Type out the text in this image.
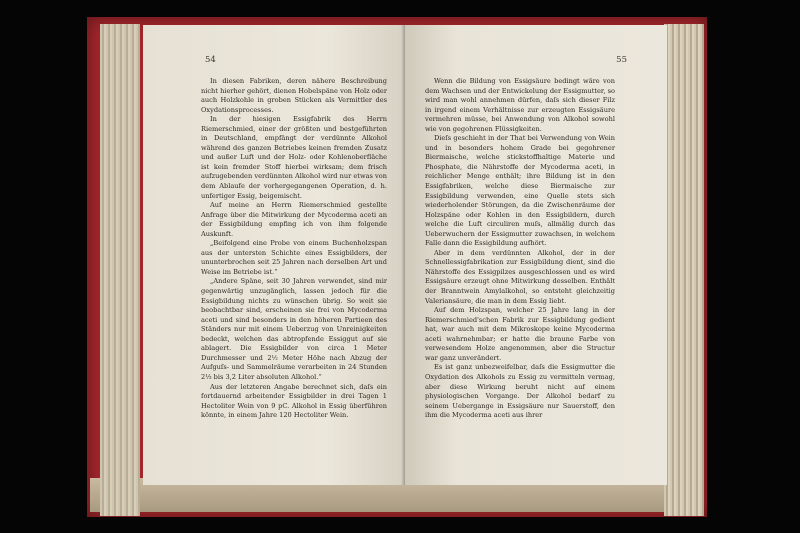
54

In diesen Fabriken, deren nähere Beschreibung nicht hierher gehört, dienen Hobelspäne von Holz oder auch Holzkohle in groben Stücken als Vermittler des Oxydationsprocesses.

In der hiesigen Essigfabrik des Herrn Riemerschmied, einer der größten und bestgeführten in Deutschland, empfängt der verdünnte Alkohol während des ganzen Betriebes keinen fremden Zusatz und außer Luft und der Holz- oder Kohlenoberfläche ist kein fremder Stoff hierbei wirksam; dem frisch aufzugebenden verdünnten Alkohol wird nur etwas von dem Ablaufe der vorhergegangenen Operation, d. h. unfertiger Essig, beigemischt.

Auf meine an Herrn Riemerschmied gestellte Anfrage über die Mitwirkung der Mycoderma aceti an der Essigbildung empfing ich von ihm folgende Auskunft.

„Beifolgend eine Probe von einem Buchenholzspan aus der untersten Schichte eines Essigbilders, der ununterbrochen seit 25 Jahren nach derselben Art und Weise im Betriebe ist.“

„Andere Späne, seit 30 Jahren verwendet, sind mir gegenwärtig unzugänglich, lassen jedoch für die Essigbildung nichts zu wünschen übrig. So weit sie beobachtbar sind, erscheinen sie frei von Mycoderma aceti und sind besonders in den höheren Partieen des Ständers nur mit einem Ueberzug von Unreinigkeiten bedeckt, welchen das abtropfende Essiggut auf sie ablagert. Die Essigbilder von circa 1 Meter Durchmesser und 2½ Meter Höhe nach Abzug der Aufguſs- und Sammelräume verarbeiten in 24 Stunden 2⅓ bis 3,2 Liter absoluten Alkohol.“

Aus der letzteren Angabe berechnet sich, daſs ein fortdauernd arbeitender Essigbilder in drei Tagen 1 Hectoliter Wein von 9 pC. Alkohol in Essig überführen könnte, in einem Jahre 120 Hectoliter Wein.

55

Wenn die Bildung von Essigsäure bedingt wäre von dem Wachsen und der Entwickelung der Essigmutter, so wird man wohl annehmen dürfen, daſs sich dieser Filz in irgend einem Verhältnisse zur erzeugten Essigsäure vermehren müsse, bei Anwendung von Alkohol sowohl wie von gegohrenen Flüssigkeiten.

Dieſs geschieht in der That bei Verwendung von Wein und in besonders hohem Grade bei gegohrener Biermaische, welche stickstoffhaltige Materie und Phosphate, die Nährstoffe der Mycoderma aceti, in reichlicher Menge enthält; ihre Bildung ist in den Essigfabriken, welche diese Biermaische zur Essigbildung verwenden, eine Quelle stets sich wiederholender Störungen, da die Zwischenräume der Holzspäne oder Kohlen in den Essigbildern, durch welche die Luft circuliren muſs, allmälig durch das Ueberwuchern der Essigmutter zuwachsen, in welchem Falle dann die Essigbildung aufhört.

Aber in dem verdünnten Alkohol, der in der Schnellessigfabrikation zur Essigbildung dient, sind die Nährstoffe des Essigpilzes ausgeschlossen und es wird Essigsäure erzeugt ohne Mitwirkung desselben. Enthält der Branntwein Amylalkohol, so entsteht gleichzeitig Valeriansäure, die man in dem Essig liebt.

Auf dem Holzspan, welcher 25 Jahre lang in der Riemerschmied'schen Fabrik zur Essigbildung gedient hat, war auch mit dem Mikroskope keine Mycoderma aceti wahrnehmbar; er hatte die braune Farbe von verwesendem Holze angenommen, aber die Structur war ganz unverändert.

Es ist ganz unbezweifelbar, daſs die Essigmutter die Oxydation des Alkohols zu Essig zu vermitteln vermag, aber diese Wirkung beruht nicht auf einem physiologischen Vorgange. Der Alkohol bedarf zu seinem Uebergange in Essigsäure nur Sauerstoff, den ihm die Mycoderma aceti aus ihrer
